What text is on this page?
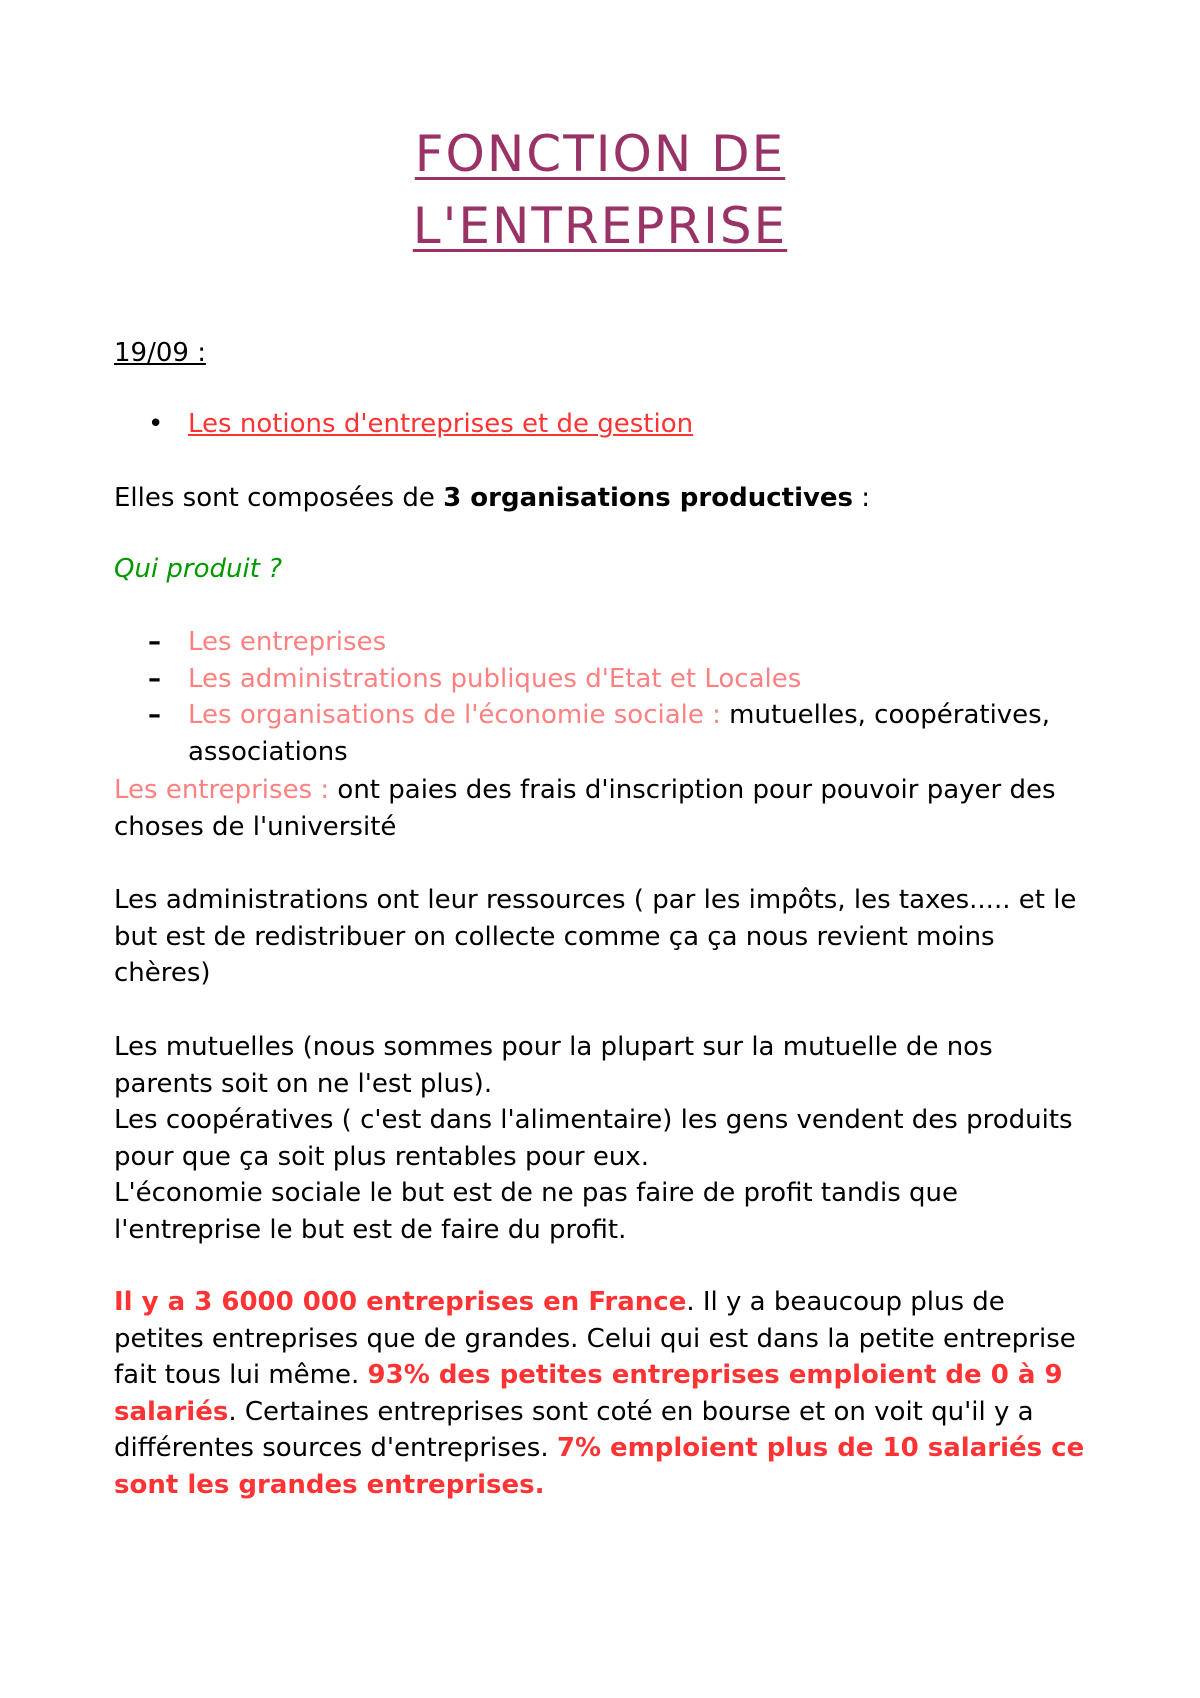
FONCTION DE
L'ENTREPRISE
19/09 :
• Les notions d'entreprises et de gestion
Elles sont composées de 3 organisations productives :
Qui produit ?
– Les entreprises
– Les administrations publiques d'Etat et Locales
– Les organisations de l'économie sociale : mutuelles, coopératives, associations
Les entreprises : ont paies des frais d'inscription pour pouvoir payer des choses de l'université
Les administrations ont leur ressources ( par les impôts, les taxes..... et le but est de redistribuer on collecte comme ça ça nous revient moins chères)
Les mutuelles (nous sommes pour la plupart sur la mutuelle de nos parents soit on ne l'est plus).
Les coopératives ( c'est dans l'alimentaire) les gens vendent des produits pour que ça soit plus rentables pour eux.
L'économie sociale le but est de ne pas faire de profit tandis que l'entreprise le but est de faire du profit.
Il y a 3 6000 000 entreprises en France. Il y a beaucoup plus de petites entreprises que de grandes. Celui qui est dans la petite entreprise fait tous lui même. 93% des petites entreprises emploient de 0 à 9 salariés. Certaines entreprises sont coté en bourse et on voit qu'il y a différentes sources d'entreprises. 7% emploient plus de 10 salariés ce sont les grandes entreprises.
